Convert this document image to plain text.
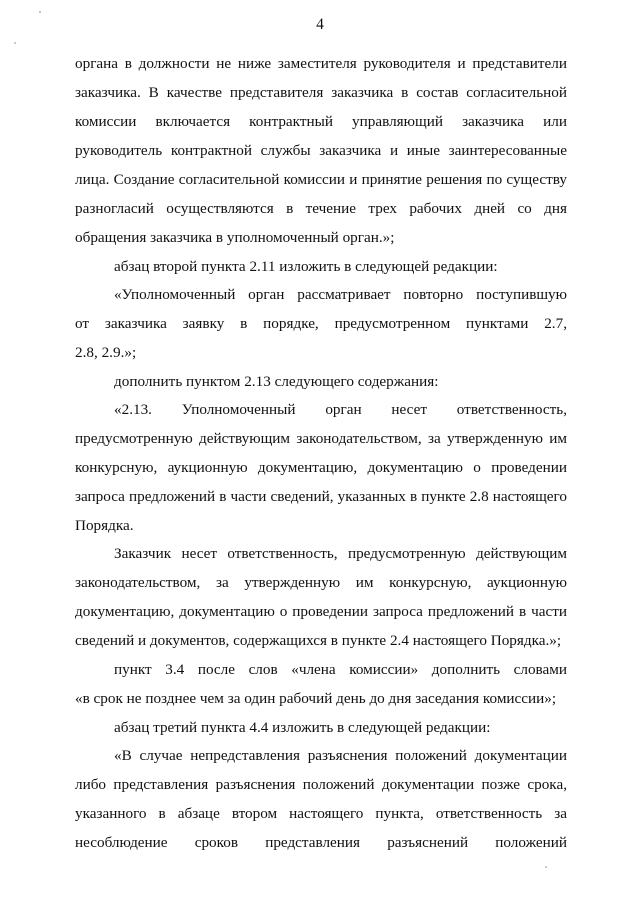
4
органа в должности не ниже заместителя руководителя и представители
заказчика. В качестве представителя заказчика в состав согласительной
комиссии включается контрактный управляющий заказчика или
руководитель контрактной службы заказчика и иные заинтересованные
лица. Создание согласительной комиссии и принятие решения по существу
разногласий осуществляются в течение трех рабочих дней со дня
обращения заказчика в уполномоченный орган.»;
абзац второй пункта 2.11 изложить в следующей редакции:
«Уполномоченный орган рассматривает повторно поступившую
от заказчика заявку в порядке, предусмотренном пунктами 2.7,
2.8, 2.9.»;
дополнить пунктом 2.13 следующего содержания:
«2.13. Уполномоченный орган несет ответственность,
предусмотренную действующим законодательством, за утвержденную им
конкурсную, аукционную документацию, документацию о проведении
запроса предложений в части сведений, указанных в пункте 2.8 настоящего
Порядка.
Заказчик несет ответственность, предусмотренную действующим
законодательством, за утвержденную им конкурсную, аукционную
документацию, документацию о проведении запроса предложений в части
сведений и документов, содержащихся в пункте 2.4 настоящего Порядка.»;
пункт 3.4 после слов «члена комиссии» дополнить словами
«в срок не позднее чем за один рабочий день до дня заседания комиссии»;
абзац третий пункта 4.4 изложить в следующей редакции:
«В случае непредставления разъяснения положений документации
либо представления разъяснения положений документации позже срока,
указанного в абзаце втором настоящего пункта, ответственность за
несоблюдение сроков представления разъяснений положений
